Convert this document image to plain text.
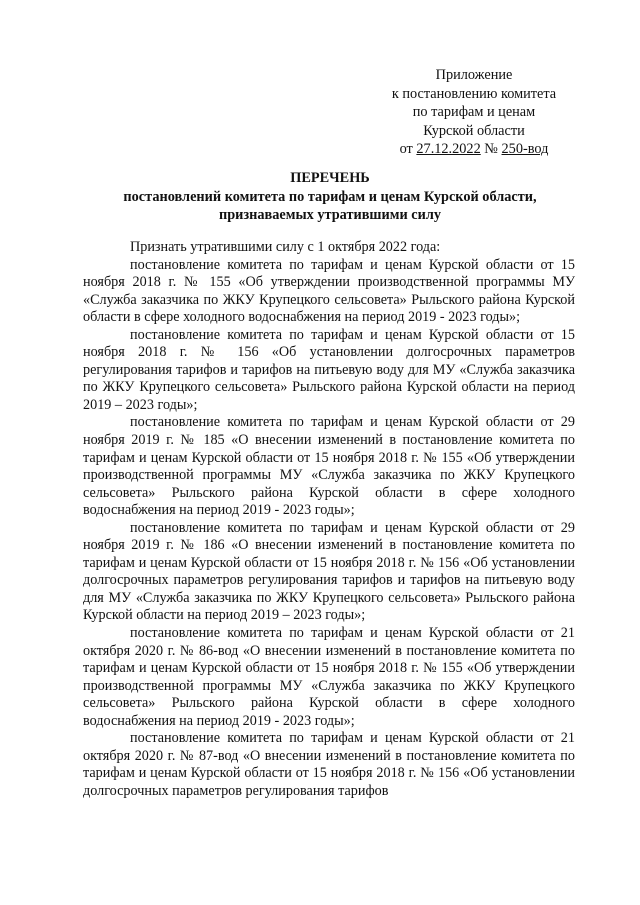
Приложение
к постановлению комитета
по тарифам и ценам
Курской области
от 27.12.2022 № 250-вод
ПЕРЕЧЕНЬ
постановлений комитета по тарифам и ценам Курской области,
признаваемых утратившими силу

Признать утратившими силу с 1 октября 2022 года:

постановление комитета по тарифам и ценам Курской области от 15 ноября 2018 г. № 155 «Об утверждении производственной программы МУ «Служба заказчика по ЖКУ Крупецкого сельсовета» Рыльского района Курской области в сфере холодного водоснабжения на период 2019 - 2023 годы»;

постановление комитета по тарифам и ценам Курской области от 15 ноября 2018 г. № 156 «Об установлении долгосрочных параметров регулирования тарифов и тарифов на питьевую воду для МУ «Служба заказчика по ЖКУ Крупецкого сельсовета» Рыльского района Курской области на период 2019 – 2023 годы»;

постановление комитета по тарифам и ценам Курской области от 29 ноября 2019 г. № 185 «О внесении изменений в постановление комитета по тарифам и ценам Курской области от 15 ноября 2018 г. № 155 «Об утверждении производственной программы МУ «Служба заказчика по ЖКУ Крупецкого сельсовета» Рыльского района Курской области в сфере холодного водоснабжения на период 2019 - 2023 годы»;

постановление комитета по тарифам и ценам Курской области от 29 ноября 2019 г. № 186 «О внесении изменений в постановление комитета по тарифам и ценам Курской области от 15 ноября 2018 г. № 156 «Об установлении долгосрочных параметров регулирования тарифов и тарифов на питьевую воду для МУ «Служба заказчика по ЖКУ Крупецкого сельсовета» Рыльского района Курской области на период 2019 – 2023 годы»;

постановление комитета по тарифам и ценам Курской области от 21 октября 2020 г. № 86-вод «О внесении изменений в постановление комитета по тарифам и ценам Курской области от 15 ноября 2018 г. № 155 «Об утверждении производственной программы МУ «Служба заказчика по ЖКУ Крупецкого сельсовета» Рыльского района Курской области в сфере холодного водоснабжения на период 2019 - 2023 годы»;

постановление комитета по тарифам и ценам Курской области от 21 октября 2020 г. № 87-вод «О внесении изменений в постановление комитета по тарифам и ценам Курской области от 15 ноября 2018 г. № 156 «Об установлении долгосрочных параметров регулирования тарифов
